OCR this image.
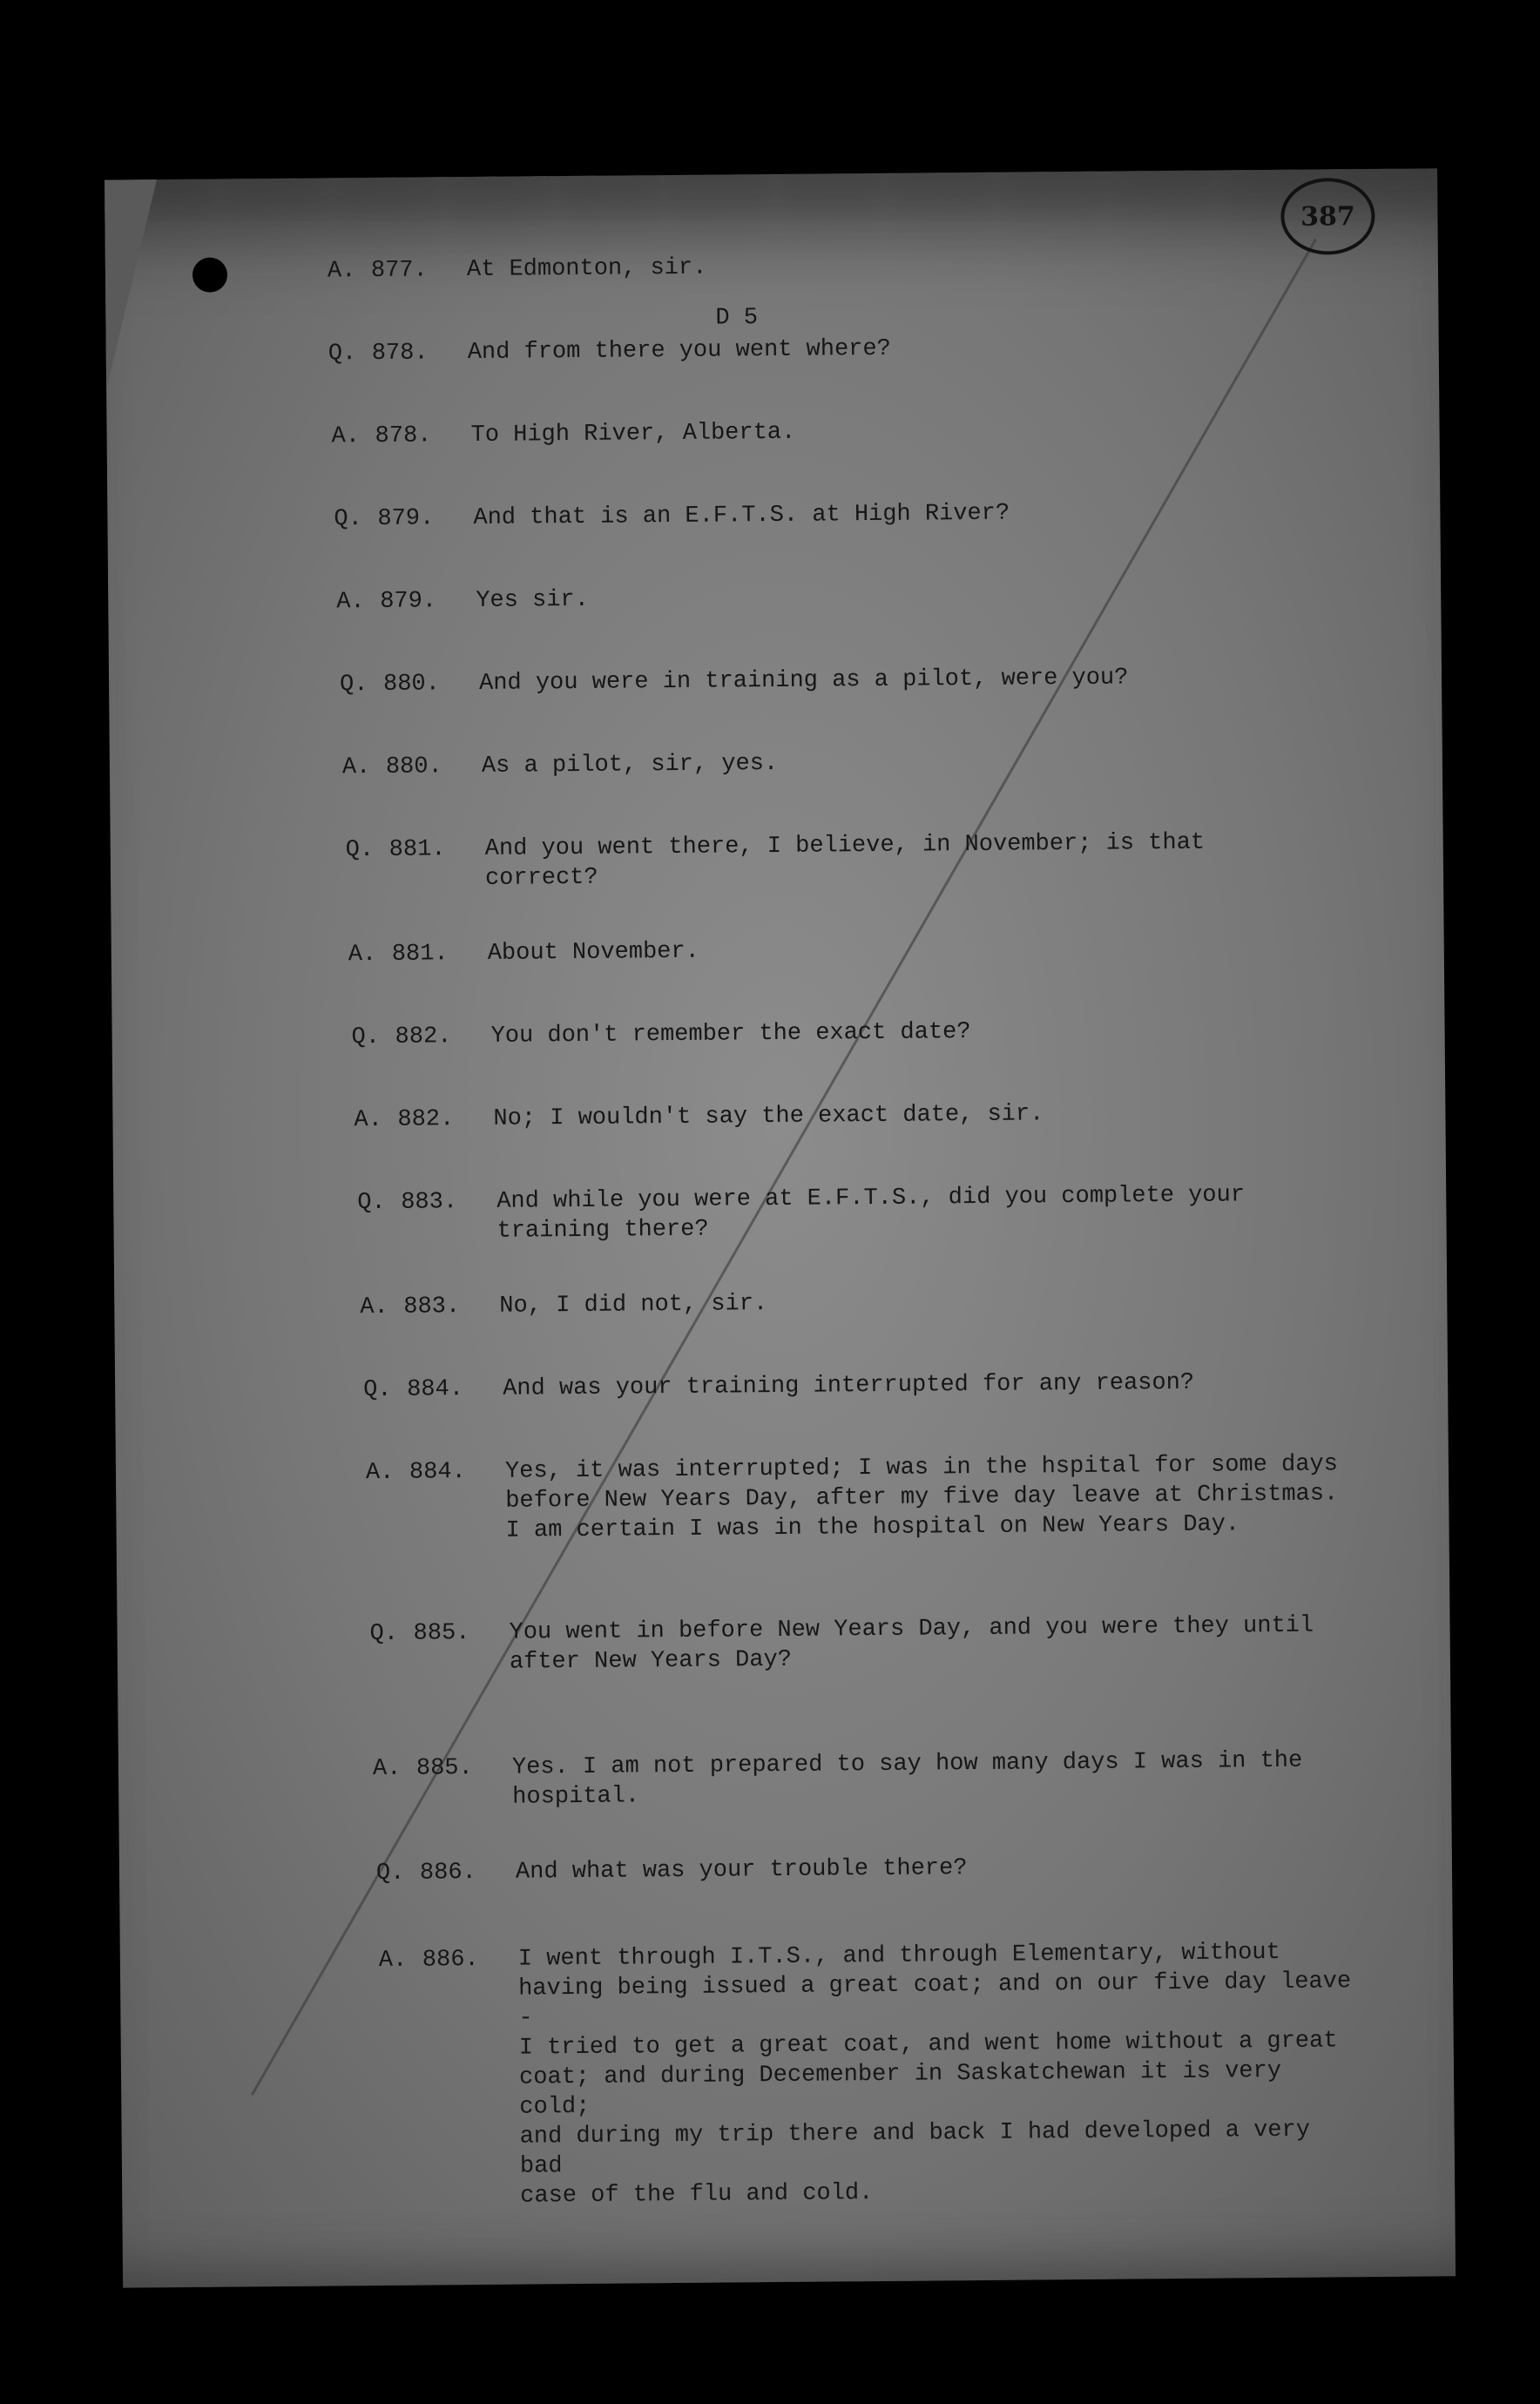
387
D 5
A. 877.	At Edmonton, sir.
Q. 878.	And from there you went where?
A. 878.	To High River, Alberta.
Q. 879.	And that is an E.F.T.S. at High River?
A. 879.	Yes sir.
Q. 880.	And you were in training as a pilot, were you?
A. 880.	As a pilot, sir, yes.
Q. 881.	And you went there, I believe, in November; is that
correct?
A. 881.	About November.
Q. 882.	You don't remember the exact date?
A. 882.	No; I wouldn't say the exact date, sir.
Q. 883.	And while you were at E.F.T.S., did you complete your
training there?
A. 883.	No, I did not, sir.
Q. 884.	And was your training interrupted for any reason?
A. 884.	Yes, it was interrupted; I was in the hspital for some days
before New Years Day, after my five day leave at Christmas.
I am certain I was in the hospital on New Years Day.
Q. 885.	You went in before New Years Day, and you were they until
after New Years Day?
A. 885.	Yes. I am not prepared to say how many days I was in the
hospital.
Q. 886.	And what was your trouble there?
A. 886.	I went through I.T.S., and through Elementary, without
having being issued a great coat; and on our five day leave -
I tried to get a great coat, and went home without a great
coat; and during Decemenber in Saskatchewan it is very cold;
and during my trip there and back I had developed a very bad
case of the flu and cold.
